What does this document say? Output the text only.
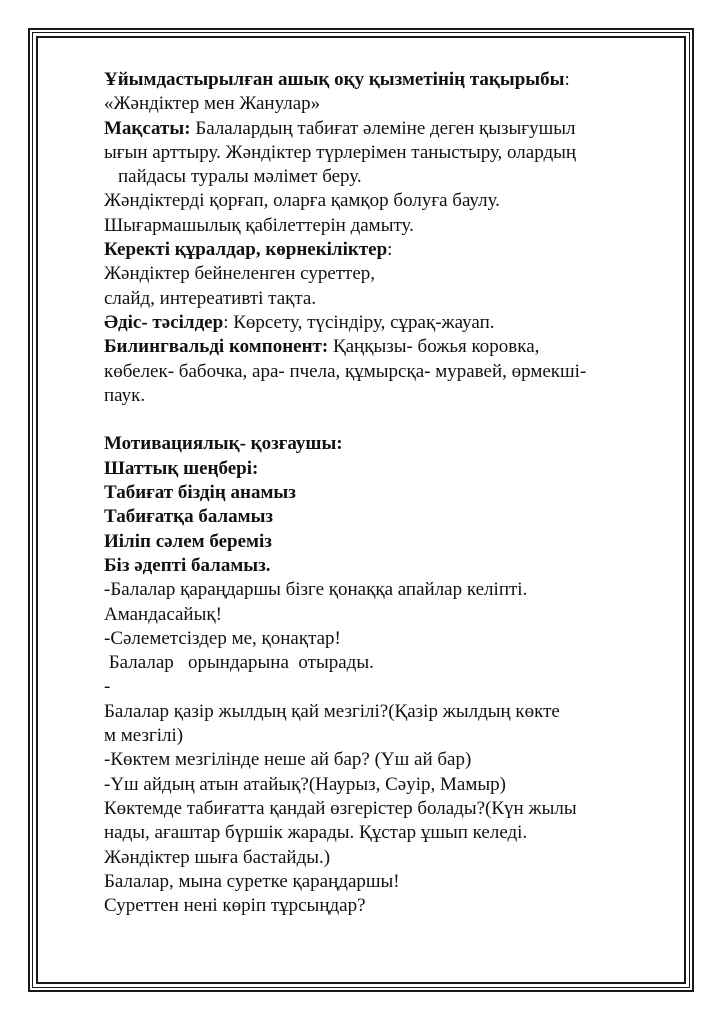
Ұйымдастырылған ашық оқу қызметінің тақырыбы:
«Жәндіктер мен Жанулар»
Мақсаты: Балалардың табиғат әлеміне деген қызығушыл
ығын арттыру. Жәндіктер түрлерімен таныстыру, олардың
пайдасы туралы мәлімет беру.
Жәндіктерді қорғап, оларға қамқор болуға баулу.
Шығармашылық қабілеттерін дамыту.
Керекті құралдар, көрнекіліктер:
Жәндіктер бейнеленген суреттер,
слайд, интереативті тақта.
Әдіс- тәсілдер: Көрсету, түсіндіру, сұрақ-жауап.
Билингвальді компонент: Қаңқызы- божья коровка,
көбелек- бабочка, ара- пчела, құмырсқа- муравей, өрмекші-
паук.
Мотивациялық- қозғаушы:
Шаттық шеңбері:
Табиғат біздің анамыз
Табиғатқа баламыз
Иіліп сәлем береміз
Біз әдепті баламыз.
-Балалар қараңдаршы бізге қонаққа апайлар келіпті.
Амандасайық!
-Сәлеметсіздер ме, қонақтар!
Балалар   орындарына  отырады.
-
Балалар қазір жылдың қай мезгілі?(Қазір жылдың көкте
м мезгілі)
-Көктем мезгілінде неше ай бар? (Үш ай бар)
-Үш айдың атын атайық?(Наурыз, Сәуір, Мамыр)
Көктемде табиғатта қандай өзгерістер болады?(Күн жылы
нады, ағаштар бүршік жарады. Құстар ұшып келеді.
Жәндіктер шыға бастайды.)
Балалар, мына суретке қараңдаршы!
Суреттен нені көріп тұрсыңдар?
